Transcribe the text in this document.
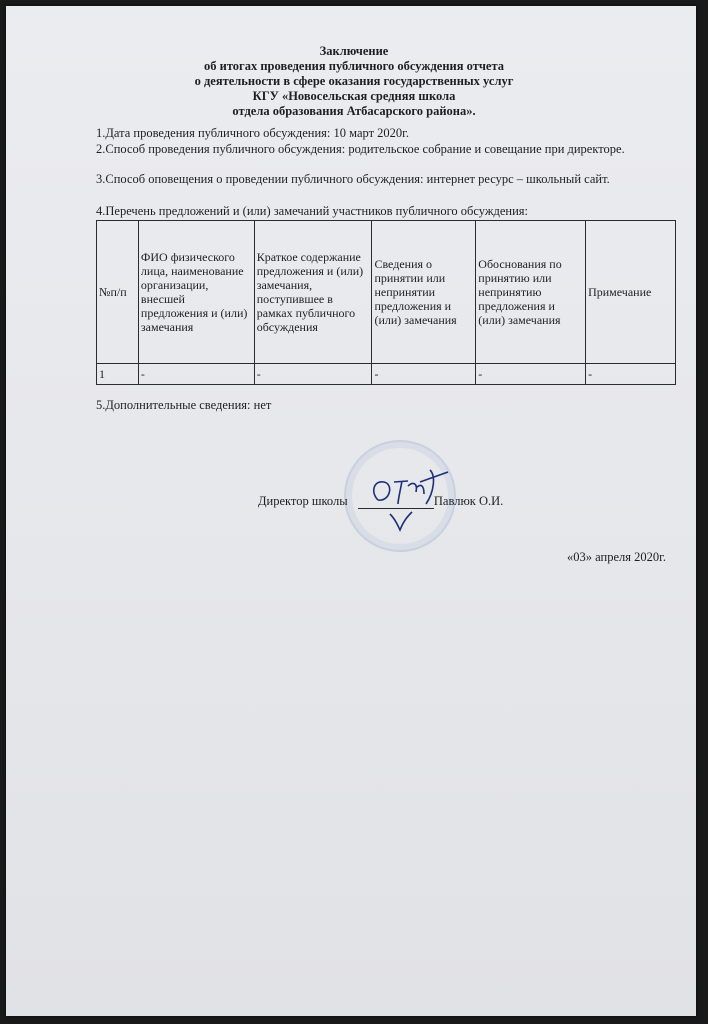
Заключение
об итогах проведения публичного обсуждения отчета
о деятельности в сфере оказания государственных услуг
КГУ «Новосельская средняя школа
отдела образования Атбасарского района».
1.Дата проведения публичного обсуждения: 10 март 2020г.
2.Способ проведения публичного обсуждения: родительское собрание и совещание при директоре.
3.Способ оповещения о проведении публичного обсуждения: интернет ресурс – школьный сайт.
4.Перечень предложений и (или) замечаний участников публичного обсуждения:
№п/п	ФИО физического лица, наименование организации, внесшей предложения и (или) замечания	Краткое содержание предложения и (или) замечания, поступившее в рамках публичного обсуждения	Сведения о принятии или непринятии предложения и (или) замечания	Обоснования по принятию или непринятию предложения и (или) замечания	Примечание
1	-	-	-	-	-
5.Дополнительные сведения: нет
Директор школы	Павлюк О.И.
«03» апреля 2020г.
